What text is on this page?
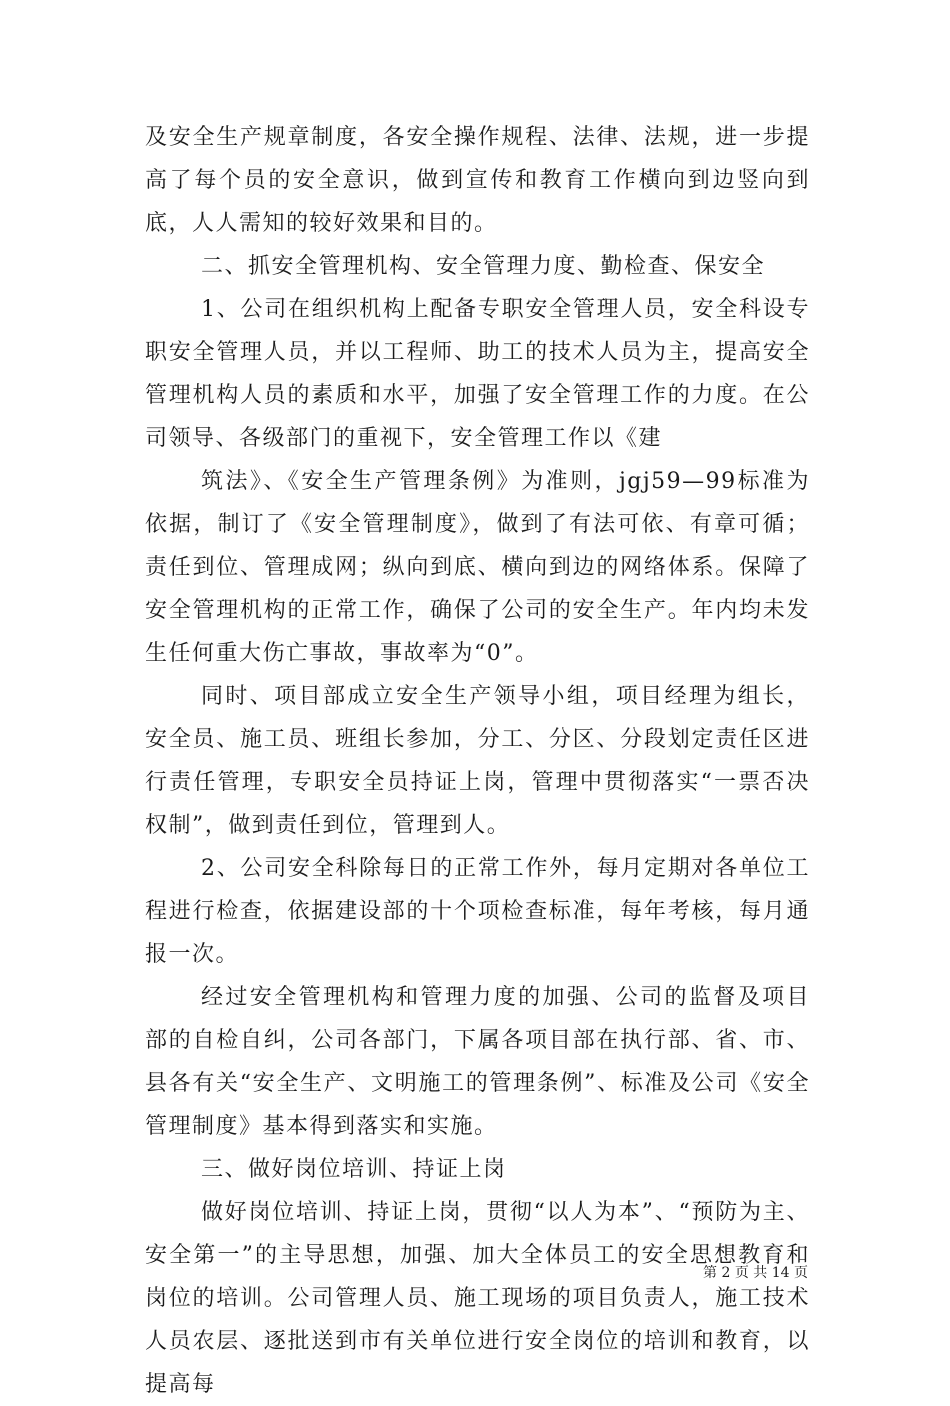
及安全生产规章制度，各安全操作规程、法律、法规，进一步提高了每个员的安全意识，做到宣传和教育工作横向到边竖向到底，人人需知的较好效果和目的。

二、抓安全管理机构、安全管理力度、勤检查、保安全

1、公司在组织机构上配备专职安全管理人员，安全科设专职安全管理人员，并以工程师、助工的技术人员为主，提高安全管理机构人员的素质和水平，加强了安全管理工作的力度。在公司领导、各级部门的重视下，安全管理工作以《建

筑法》、《安全生产管理条例》为准则，jgj59—99标准为依据，制订了《安全管理制度》，做到了有法可依、有章可循；责任到位、管理成网；纵向到底、横向到边的网络体系。保障了安全管理机构的正常工作，确保了公司的安全生产。年内均未发生任何重大伤亡事故，事故率为“0”。

同时、项目部成立安全生产领导小组，项目经理为组长，安全员、施工员、班组长参加，分工、分区、分段划定责任区进行责任管理，专职安全员持证上岗，管理中贯彻落实“一票否决权制”，做到责任到位，管理到人。

2、公司安全科除每日的正常工作外，每月定期对各单位工程进行检查，依据建设部的十个项检查标准，每年考核，每月通报一次。

经过安全管理机构和管理力度的加强、公司的监督及项目部的自检自纠，公司各部门，下属各项目部在执行部、省、市、县各有关“安全生产、文明施工的管理条例”、标准及公司《安全管理制度》基本得到落实和实施。

三、做好岗位培训、持证上岗

做好岗位培训、持证上岗，贯彻“以人为本”、“预防为主、安全第一”的主导思想，加强、加大全体员工的安全思想教育和岗位的培训。公司管理人员、施工现场的项目负责人，施工技术人员农层、逐批送到市有关单位进行安全岗位的培训和教育，以提高每

第 2 页 共 14 页
